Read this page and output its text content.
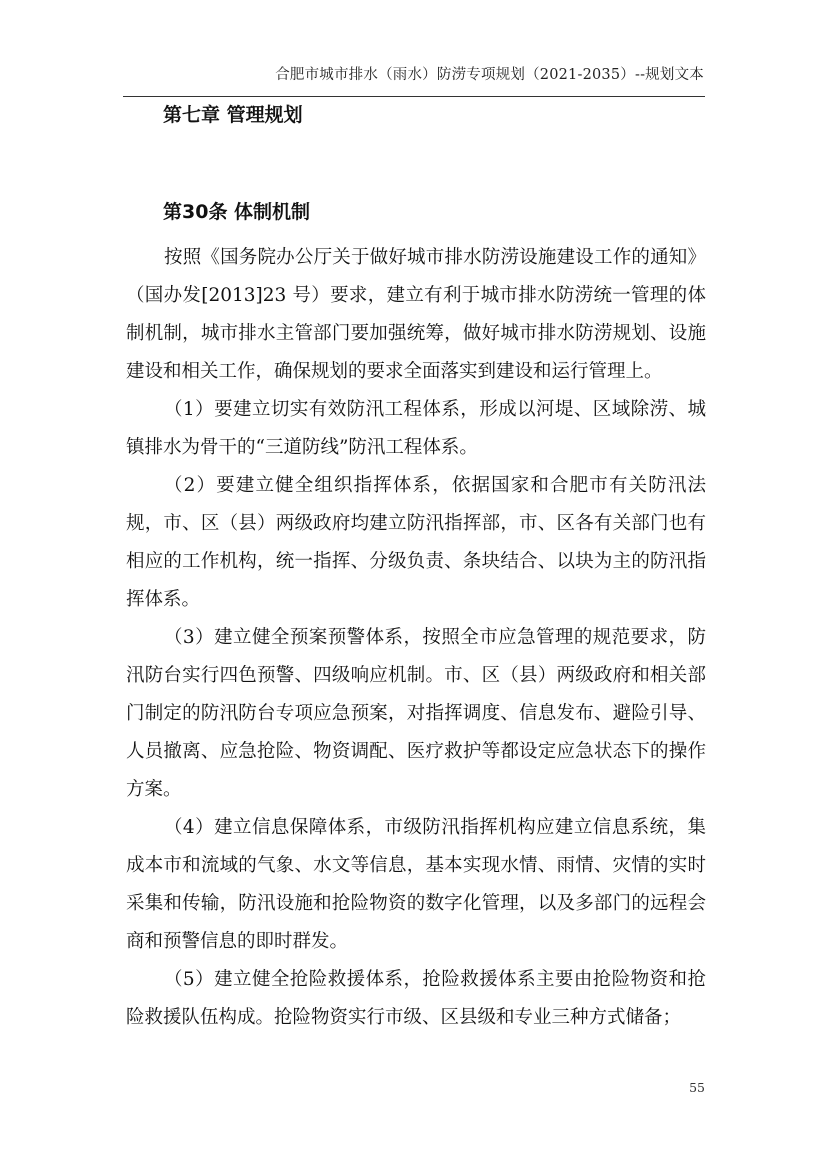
合肥市城市排水（雨水）防涝专项规划（2021-2035）--规划文本
第七章 管理规划
第30条 体制机制

按照《国务院办公厅关于做好城市排水防涝设施建设工作的通知》（国办发[2013]23 号）要求，建立有利于城市排水防涝统一管理的体制机制，城市排水主管部门要加强统筹，做好城市排水防涝规划、设施建设和相关工作，确保规划的要求全面落实到建设和运行管理上。

（1）要建立切实有效防汛工程体系，形成以河堤、区域除涝、城镇排水为骨干的“三道防线”防汛工程体系。

（2）要建立健全组织指挥体系，依据国家和合肥市有关防汛法规，市、区（县）两级政府均建立防汛指挥部，市、区各有关部门也有相应的工作机构，统一指挥、分级负责、条块结合、以块为主的防汛指挥体系。

（3）建立健全预案预警体系，按照全市应急管理的规范要求，防汛防台实行四色预警、四级响应机制。市、区（县）两级政府和相关部门制定的防汛防台专项应急预案，对指挥调度、信息发布、避险引导、人员撤离、应急抢险、物资调配、医疗救护等都设定应急状态下的操作方案。

（4）建立信息保障体系，市级防汛指挥机构应建立信息系统，集成本市和流域的气象、水文等信息，基本实现水情、雨情、灾情的实时采集和传输，防汛设施和抢险物资的数字化管理，以及多部门的远程会商和预警信息的即时群发。

（5）建立健全抢险救援体系，抢险救援体系主要由抢险物资和抢险救援队伍构成。抢险物资实行市级、区县级和专业三种方式储备；

55
